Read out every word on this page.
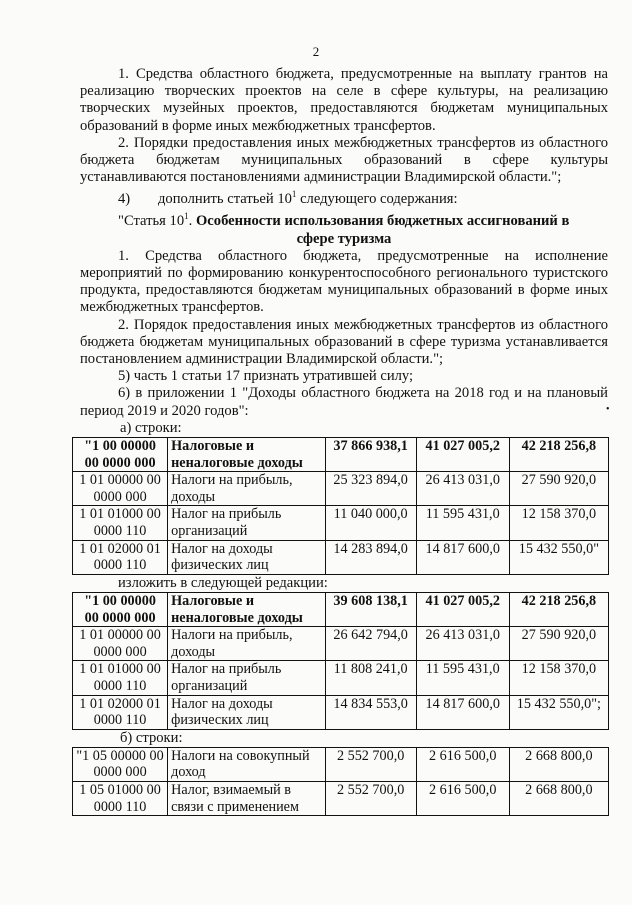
2

1. Средства областного бюджета, предусмотренные на выплату грантов на реализацию творческих проектов на селе в сфере культуры, на реализацию творческих музейных проектов, предоставляются бюджетам муниципальных образований в форме иных межбюджетных трансфертов.

2. Порядки предоставления иных межбюджетных трансфертов из областного бюджета бюджетам муниципальных образований в сфере культуры устанавливаются постановлениями администрации Владимирской области.";

4) дополнить статьей $10^1$ следующего содержания:

"Статья $10^1$. Особенности использования бюджетных ассигнований в

сфере туризма

1. Средства областного бюджета, предусмотренные на исполнение мероприятий по формированию конкурентоспособного регионального туристского продукта, предоставляются бюджетам муниципальных образований в форме иных межбюджетных трансфертов.

2. Порядок предоставления иных межбюджетных трансфертов из областного бюджета бюджетам муниципальных образований в сфере туризма устанавливается постановлением администрации Владимирской области.";

5) часть 1 статьи 17 признать утратившей силу;

6) в приложении 1 "Доходы областного бюджета на 2018 год и на плановый период 2019 и 2020 годов":

а) строки:

"1 00 00000 00 0000 000	Налоговые и неналоговые доходы	37 866 938,1	41 027 005,2	42 218 256,8
1 01 00000 00 0000 000	Налоги на прибыль, доходы	25 323 894,0	26 413 031,0	27 590 920,0
1 01 01000 00 0000 110	Налог на прибыль организаций	11 040 000,0	11 595 431,0	12 158 370,0
1 01 02000 01 0000 110	Налог на доходы физических лиц	14 283 894,0	14 817 600,0	15 432 550,0"

изложить в следующей редакции:

"1 00 00000 00 0000 000	Налоговые и неналоговые доходы	39 608 138,1	41 027 005,2	42 218 256,8
1 01 00000 00 0000 000	Налоги на прибыль, доходы	26 642 794,0	26 413 031,0	27 590 920,0
1 01 01000 00 0000 110	Налог на прибыль организаций	11 808 241,0	11 595 431,0	12 158 370,0
1 01 02000 01 0000 110	Налог на доходы физических лиц	14 834 553,0	14 817 600,0	15 432 550,0";

б) строки:

"1 05 00000 00 0000 000	Налоги на совокупный доход	2 552 700,0	2 616 500,0	2 668 800,0
1 05 01000 00 0000 110	Налог, взимаемый в связи с применением	2 552 700,0	2 616 500,0	2 668 800,0
•
